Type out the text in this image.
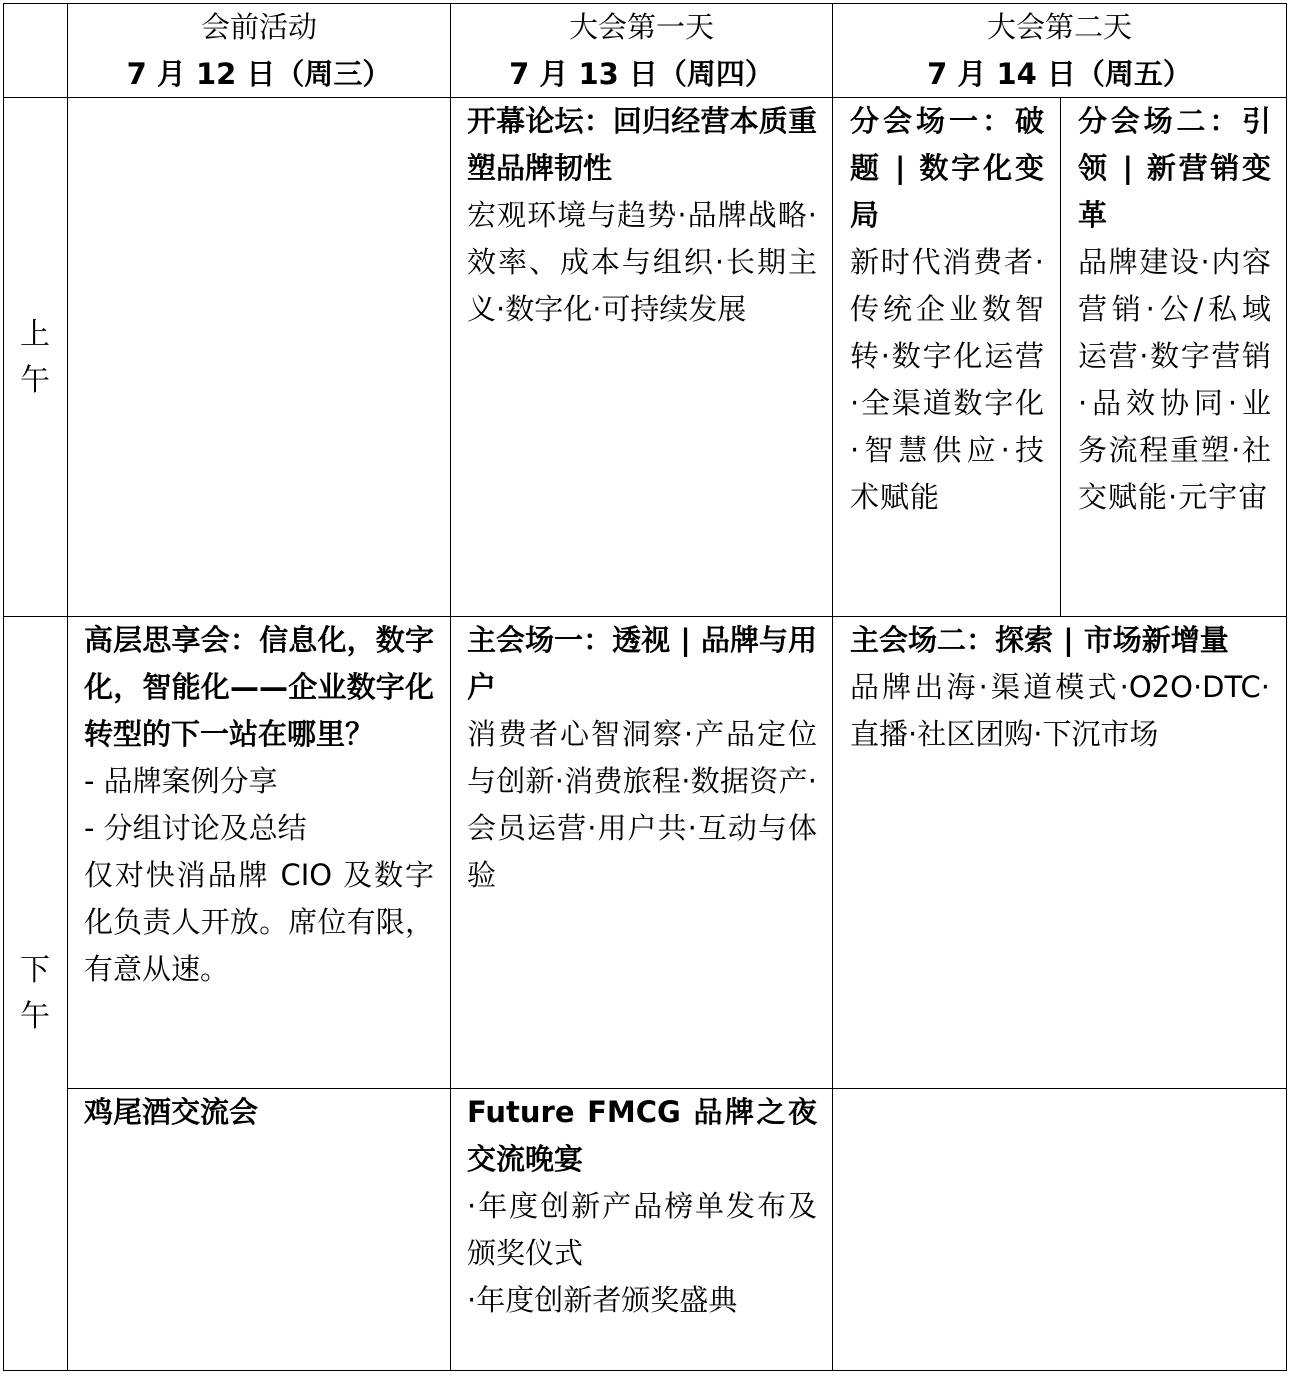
会前活动
7 月 12 日（周三）
大会第一天
7 月 13 日（周四）
大会第二天
7 月 14 日（周五）
上午
下午
开幕论坛：回归经营本质重塑品牌韧性
宏观环境与趋势·品牌战略·效率、成本与组织·长期主义·数字化·可持续发展
分会场一：破题 | 数字化变局
新时代消费者·传统企业数智转·数字化运营·全渠道数字化·智慧供应·技术赋能
分会场二：引领 | 新营销变革
品牌建设·内容营销·公/私域运营·数字营销·品效协同·业务流程重塑·社交赋能·元宇宙
高层思享会：信息化，数字化，智能化——企业数字化转型的下一站在哪里？
- 品牌案例分享
- 分组讨论及总结
仅对快消品牌 CIO 及数字化负责人开放。席位有限，有意从速。
主会场一：透视 | 品牌与用户
消费者心智洞察·产品定位与创新·消费旅程·数据资产·会员运营·用户共·互动与体验
主会场二：探索 | 市场新增量
品牌出海·渠道模式·O2O·DTC·直播·社区团购·下沉市场
鸡尾酒交流会	Future FMCG 品牌之夜交流晚宴
·年度创新产品榜单发布及颁奖仪式
·年度创新者颁奖盛典
